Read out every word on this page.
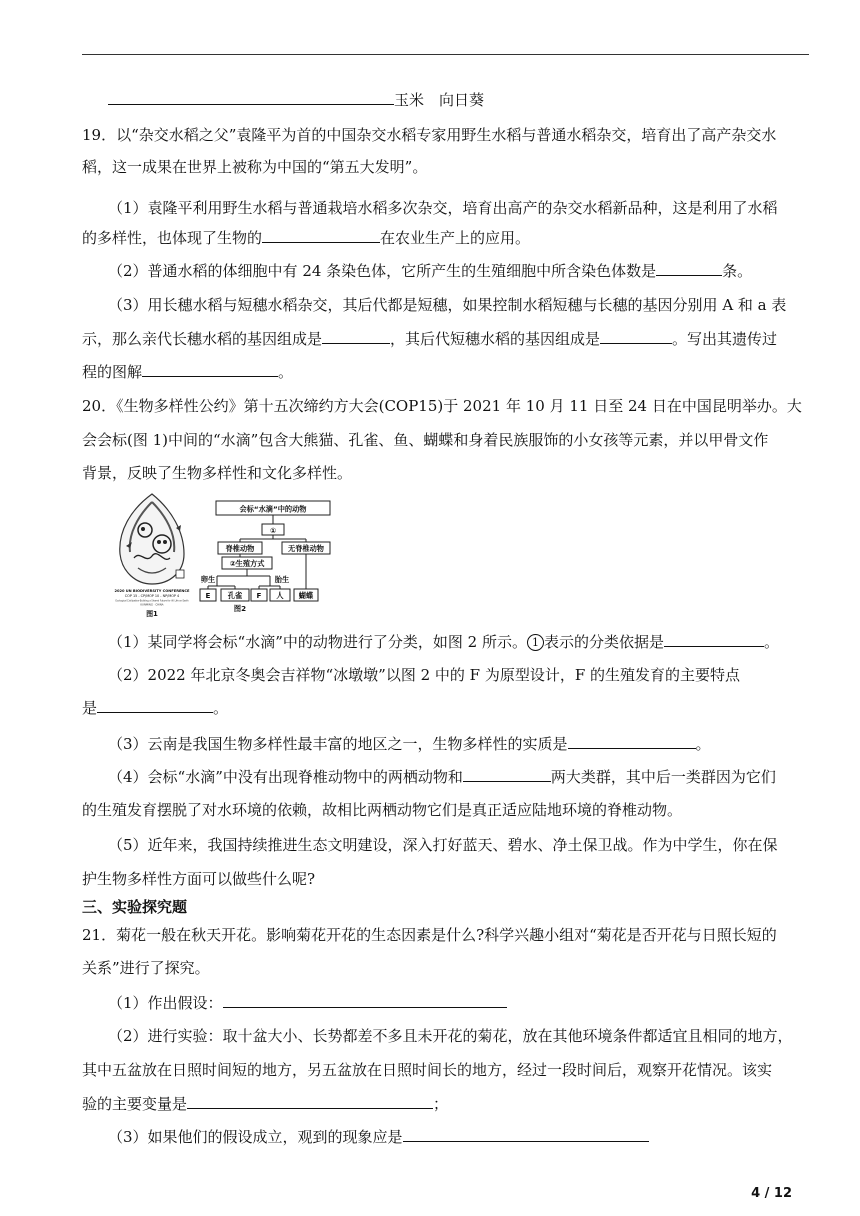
玉米　向日葵
19．以“杂交水稻之父”袁隆平为首的中国杂交水稻专家用野生水稻与普通水稻杂交，培育出了高产杂交水
稻，这一成果在世界上被称为中国的“第五大发明”。
（1）袁隆平利用野生水稻与普通栽培水稻多次杂交，培育出高产的杂交水稻新品种，这是利用了水稻
的多样性，也体现了生物的	在农业生产上的应用。
（2）普通水稻的体细胞中有 24 条染色体，它所产生的生殖细胞中所含染色体数是	条。
（3）用长穗水稻与短穗水稻杂交，其后代都是短穗，如果控制水稻短穗与长穗的基因分别用 A 和 a 表
示，那么亲代长穗水稻的基因组成是	，其后代短穗水稻的基因组成是	。写出其遗传过
程的图解	。
20．《生物多样性公约》第十五次缔约方大会(COP15)于 2021 年 10 月 11 日至 24 日在中国昆明举办。大
会会标(图 1)中间的“水滴”包含大熊猫、孔雀、鱼、蝴蝶和身着民族服饰的小女孩等元素，并以甲骨文作
背景，反映了生物多样性和文化多样性。
2020 UN BIODIVERSITY CONFERENCE
COP 15 - CP/MOP 10 - NP/MOP 4
Ecological Civilization-Building a Shared Future for All Life on Earth
KUNMING · CHINA
图1
会标“水滴”中的动物
①
脊椎动物	无脊椎动物
②生殖方式
卵生	胎生
E 孔雀 F 人 蝴蝶
图2
（1）某同学将会标“水滴”中的动物进行了分类，如图 2 所示。 1 表示的分类依据是	。
（2）2022 年北京冬奥会吉祥物“冰墩墩”以图 2 中的 F 为原型设计，F 的生殖发育的主要特点
是	。
（3）云南是我国生物多样性最丰富的地区之一，生物多样性的实质是	。
（4）会标“水滴”中没有出现脊椎动物中的两栖动物和	两大类群，其中后一类群因为它们
的生殖发育摆脱了对水环境的依赖，故相比两栖动物它们是真正适应陆地环境的脊椎动物。
（5）近年来，我国持续推进生态文明建设，深入打好蓝天、碧水、净土保卫战。作为中学生，你在保
护生物多样性方面可以做些什么呢?
三、实验探究题
21．菊花一般在秋天开花。影响菊花开花的生态因素是什么?科学兴趣小组对“菊花是否开花与日照长短的
关系”进行了探究。
（1）作出假设：
（2）进行实验：取十盆大小、长势都差不多且未开花的菊花，放在其他环境条件都适宜且相同的地方，
其中五盆放在日照时间短的地方，另五盆放在日照时间长的地方，经过一段时间后，观察开花情况。该实
验的主要变量是	；
（3）如果他们的假设成立，观到的现象应是
4 / 12
